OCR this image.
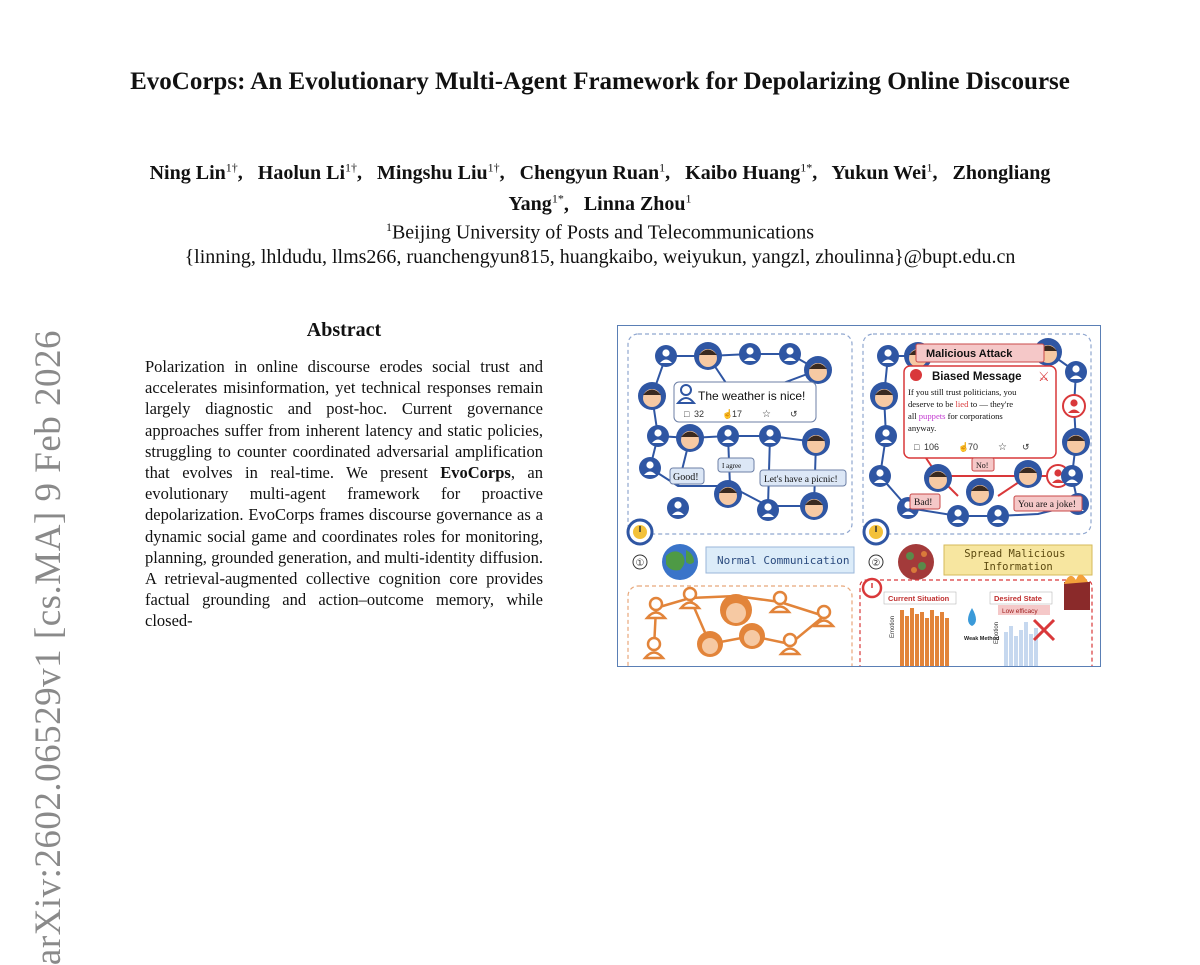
arXiv:2602.06529v1 [cs.MA] 9 Feb 2026
EvoCorps: An Evolutionary Multi-Agent Framework for Depolarizing Online Discourse
Ning Lin$^{1\dagger}$,   Haolun $Li^{1\dagger}$,   Mingshu Liu$^{1\dagger}$,   Chengyun Ruan$^1$,   Kaibo Huang$^{1*}$,   Yukun Wei$^1$,   Zhongliang Yang$^{1*}$,   Linna Zhou$^1$
$^1$Beijing University of Posts and Telecommunications
{linning, lhldudu, llms266, ruanchengyun815, huangkaibo, weiyukun, yangzl, zhoulinna}@bupt.edu.cn
Abstract
Polarization in online discourse erodes social trust and accelerates misinformation, yet technical responses remain largely diagnostic and post-hoc. Current governance approaches suffer from inherent latency and static policies, struggling to counter coordinated adversarial amplification that evolves in real-time. We present EvoCorps, an evolutionary multi-agent framework for proactive depolarization. EvoCorps frames discourse governance as a dynamic social game and coordinates roles for monitoring, planning, grounded generation, and multi-identity diffusion. A retrieval-augmented collective cognition core provides factual grounding and action–outcome memory, while closed-
The weather is nice!
□ 32 ☝
17 ☆ ↺
Good!
I agree
Let's have a picnic!
Malicious Attack
Biased Message ⚔
If you still trust politicians, you
deserve to be lied to — they're
all puppets for corporations
anyway.
□ 106 ☝
70 ☆ ↺
No!
Bad!	You are a joke!
①	Normal Communication ②
Spread Malicious Information
Current Situation
Emotion
Weak Method
Desired State
Low efficacy
Emotion
